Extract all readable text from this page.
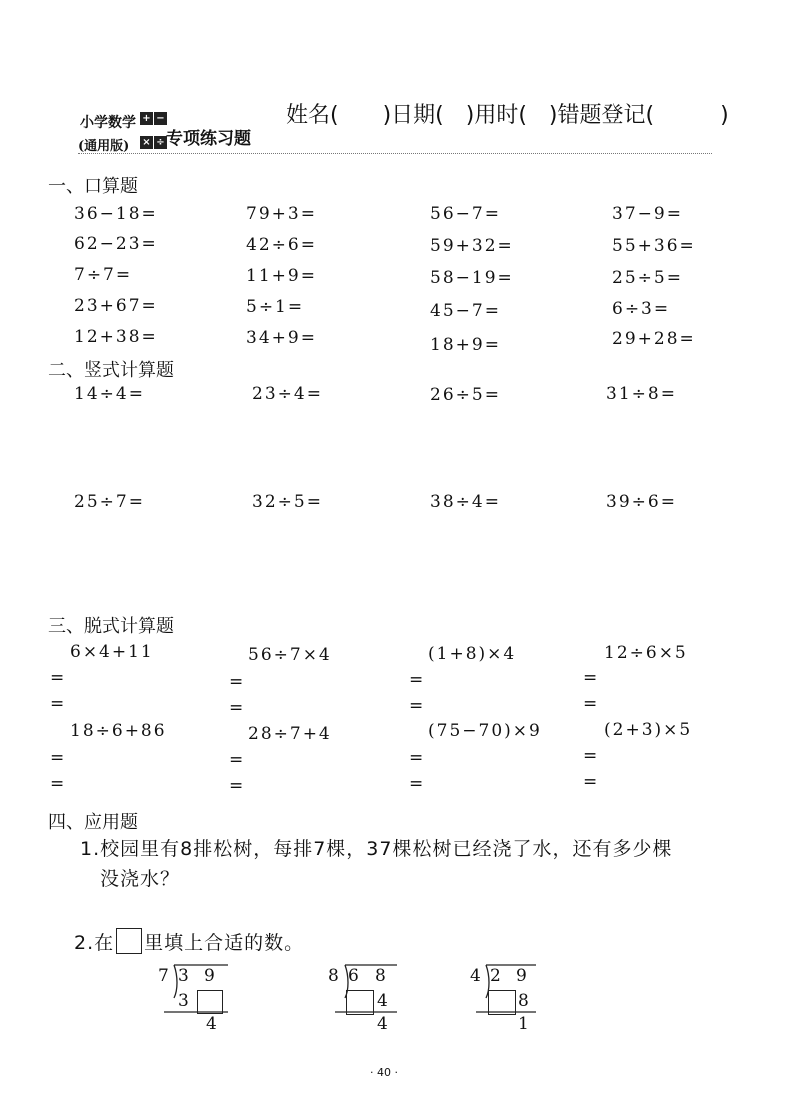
小学数学 + −
(通用版) × ÷ 专项练习题
姓名(　　)日期(　)用时(　)错题登记(　　　)
一、口算题
36−18=	79+3=	56−7=	37−9=
62−23=	42÷6=	59+32=	55+36=
7÷7=	11+9=	58−19=	25÷5=
23+67=	5÷1=	45−7=	6÷3=
12+38=	34+9=	18+9=	29+28=
二、竖式计算题
14÷4=	23÷4=	26÷5=	31÷8=
25÷7=	32÷5=	38÷4=	39÷6=
三、脱式计算题
6×4+11
=
=
56÷7×4
=
=
(1+8)×4
=
=
12÷6×5
=
=
18÷6+86
=
=
28÷7+4
=
=
(75−70)×9
=
=
(2+3)×5
=
=
四、应用题
1.校园里有8排松树，每排7棵，37棵松树已经浇了水，还有多少棵
没浇水？
2.在 里填上合适的数。
7 3 9
3
4
8 6 8
4
4
4 2 9
8
1
· 40 ·
